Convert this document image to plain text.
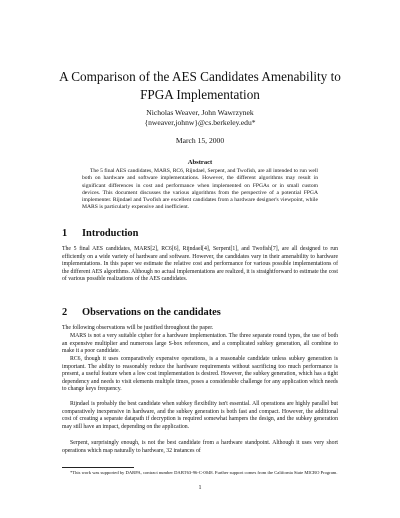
A Comparison of the AES Candidates Amenability to
FPGA Implementation
Nicholas Weaver, John Wawrzynek
{nweaver,johnw}@cs.berkeley.edu*
March 15, 2000
Abstract

The 5 final AES candidates, MARS, RC6, Rijndael, Serpent, and Twofish, are all intended to run well both on hardware and software implementations. However, the different algorithms may result in significant differences in cost and performance when implemented on FPGAs or in small custom devices. This document discusses the various algorithms from the perspective of a potential FPGA implementer. Rijndael and Twofish are excellent candidates from a hardware designer's viewpoint, while MARS is particularly expensive and inefficient.

1 Introduction

The 5 final AES candidates, MARS[2], RC6[6], Rijndael[4], Serpent[1], and Twofish[7], are all designed to run efficiently on a wide variety of hardware and software. However, the candidates vary in their amenability to hardware implementations. In this paper we estimate the relative cost and performance for various possible implementations of the different AES algorithms. Although no actual implementations are realized, it is straightforward to estimate the cost of various possible realizations of the AES candidates.

2 Observations on the candidates

The following observations will be justified throughout the paper.

MARS is not a very suitable cipher for a hardware implementation. The three separate round types, the use of both an expensive multiplier and numerous large S-box references, and a complicated subkey generation, all combine to make it a poor candidate.

RC6, though it uses comparatively expensive operations, is a reasonable candidate unless subkey generation is important. The ability to reasonably reduce the hardware requirements without sacrificing too much performance is present, a useful feature when a low cost implementation is desired. However, the subkey generation, which has a tight dependency and needs to visit elements multiple times, poses a considerable challenge for any application which needs to change keys frequency.

Rijndael is probably the best candidate when subkey flexibility isn't essential. All operations are highly parallel but comparatively inexpensive in hardware, and the subkey generation is both fast and compact. However, the additional cost of creating a separate datapath if decryption is required somewhat hampers the design, and the subkey generation may still have an impact, depending on the application.

Serpent, surprisingly enough, is not the best candidate from a hardware standpoint. Although it uses very short operations which map naturally to hardware, 32 instances of

*This work was supported by DARPA, contract number DABT63-96-C-0048. Further support comes from the California State MICRO Program.

1
